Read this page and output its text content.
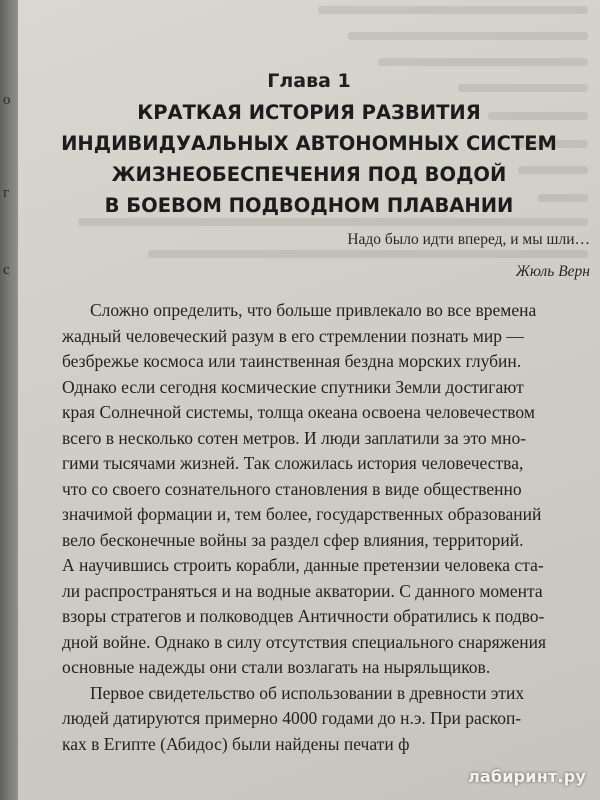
о
г
с
Глава 1
КРАТКАЯ ИСТОРИЯ РАЗВИТИЯ
ИНДИВИДУАЛЬНЫХ АВТОНОМНЫХ СИСТЕМ
ЖИЗНЕОБЕСПЕЧЕНИЯ ПОД ВОДОЙ
В БОЕВОМ ПОДВОДНОМ ПЛАВАНИИ
Надо было идти вперед, и мы шли…
Жюль Верн
Сложно определить, что больше привлекало во все времена
жадный человеческий разум в его стремлении познать мир —
безбрежье космоса или таинственная бездна морских глубин.
Однако если сегодня космические спутники Земли достигают
края Солнечной системы, толща океана освоена человечеством
всего в несколько сотен метров. И люди заплатили за это мно-
гими тысячами жизней. Так сложилась история человечества,
что со своего сознательного становления в виде общественно
значимой формации и, тем более, государственных образований
вело бесконечные войны за раздел сфер влияния, территорий.
А научившись строить корабли, данные претензии человека ста-
ли распространяться и на водные акватории. С данного момента
взоры стратегов и полководцев Античности обратились к подво-
дной войне. Однако в силу отсутствия специального снаряжения
основные надежды они стали возлагать на ныряльщиков.
Первое свидетельство об использовании в древности этих
людей датируются примерно 4000 годами до н.э. При раскоп-
ках в Египте (Абидос) были найдены печати ф
лабиринт.ру
